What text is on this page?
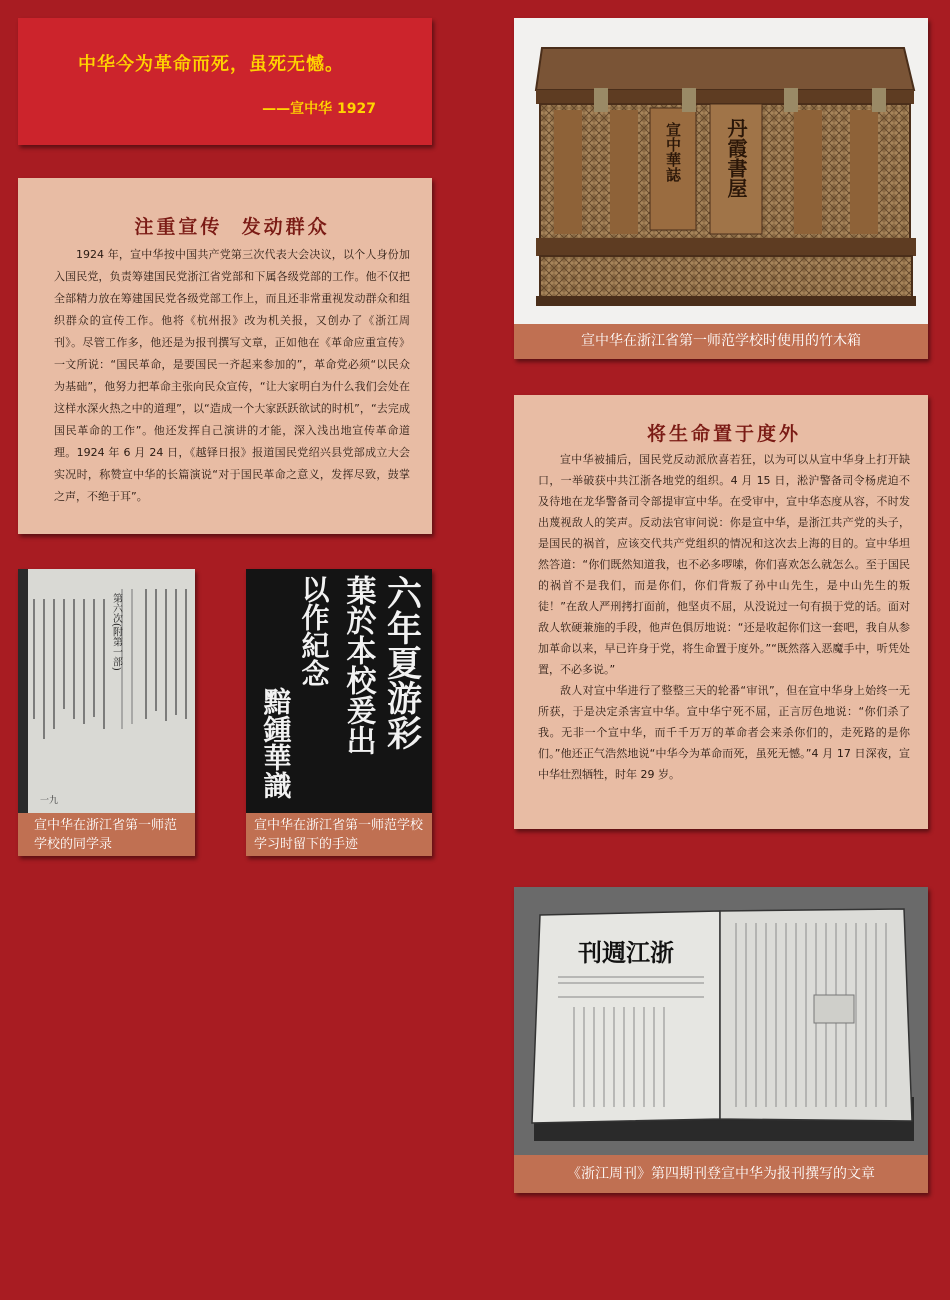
中华今为革命而死，虽死无憾。
——宣中华 1927
注重宣传  发动群众

1924 年，宣中华按中国共产党第三次代表大会决议，以个人身份加入国民党，负责筹建国民党浙江省党部和下属各级党部的工作。他不仅把全部精力放在筹建国民党各级党部工作上，而且还非常重视发动群众和组织群众的宣传工作。他将《杭州报》改为机关报，又创办了《浙江周刊》。尽管工作多，他还是为报刊撰写文章，正如他在《革命应重宣传》一文所说：“国民革命，是要国民一齐起来参加的”，革命党必须“以民众为基础”，他努力把革命主张向民众宣传，“让大家明白为什么我们会处在这样水深火热之中的道理”，以“造成一个大家跃跃欲试的时机”，“去完成国民革命的工作”。他还发挥自己演讲的才能，深入浅出地宣传革命道理。1924 年 6 月 24 日，《越铎日报》报道国民党绍兴县党部成立大会实况时，称赞宣中华的长篇演说“对于国民革命之意义，发挥尽致，鼓掌之声，不绝于耳”。

丹霞書屋
宣中華誌
宣中华在浙江省第一师范学校时使用的竹木箱
将生命置于度外

宣中华被捕后，国民党反动派欣喜若狂，以为可以从宣中华身上打开缺口，一举破获中共江浙各地党的组织。4 月 15 日，淞沪警备司令杨虎迫不及待地在龙华警备司令部提审宣中华。在受审中，宣中华态度从容，不时发出蔑视敌人的笑声。反动法官审问说：你是宣中华，是浙江共产党的头子，是国民的祸首，应该交代共产党组织的情况和这次去上海的目的。宣中华坦然答道：“你们既然知道我，也不必多啰嗦，你们喜欢怎么就怎么。至于国民的祸首不是我们，而是你们，你们背叛了孙中山先生，是中山先生的叛徒！”在敌人严刑拷打面前，他坚贞不屈，从没说过一句有损于党的话。面对敌人软硬兼施的手段，他声色俱厉地说：“还是收起你们这一套吧，我自从参加革命以来，早已许身于党，将生命置于度外。”“既然落入恶魔手中，听凭处置，不必多说。”

敌人对宣中华进行了整整三天的轮番“审讯”，但在宣中华身上始终一无所获，于是决定杀害宣中华。宣中华宁死不屈，正言厉色地说：“你们杀了我。无非一个宣中华，而千千万万的革命者会来杀你们的，走死路的是你们。”他还正气浩然地说“中华今为革命而死，虽死无憾。”4 月 17 日深夜，宣中华壮烈牺牲，时年 29 岁。

第六次(附第一部)
一九
宣中华在浙江省第一师范学校的同学录
六年夏游彩
葉於本校爰出
以作紀念
黯鍾華識
宣中华在浙江省第一师范学校学习时留下的手迹
刊週江浙
《浙江周刊》第四期刊登宣中华为报刊撰写的文章
